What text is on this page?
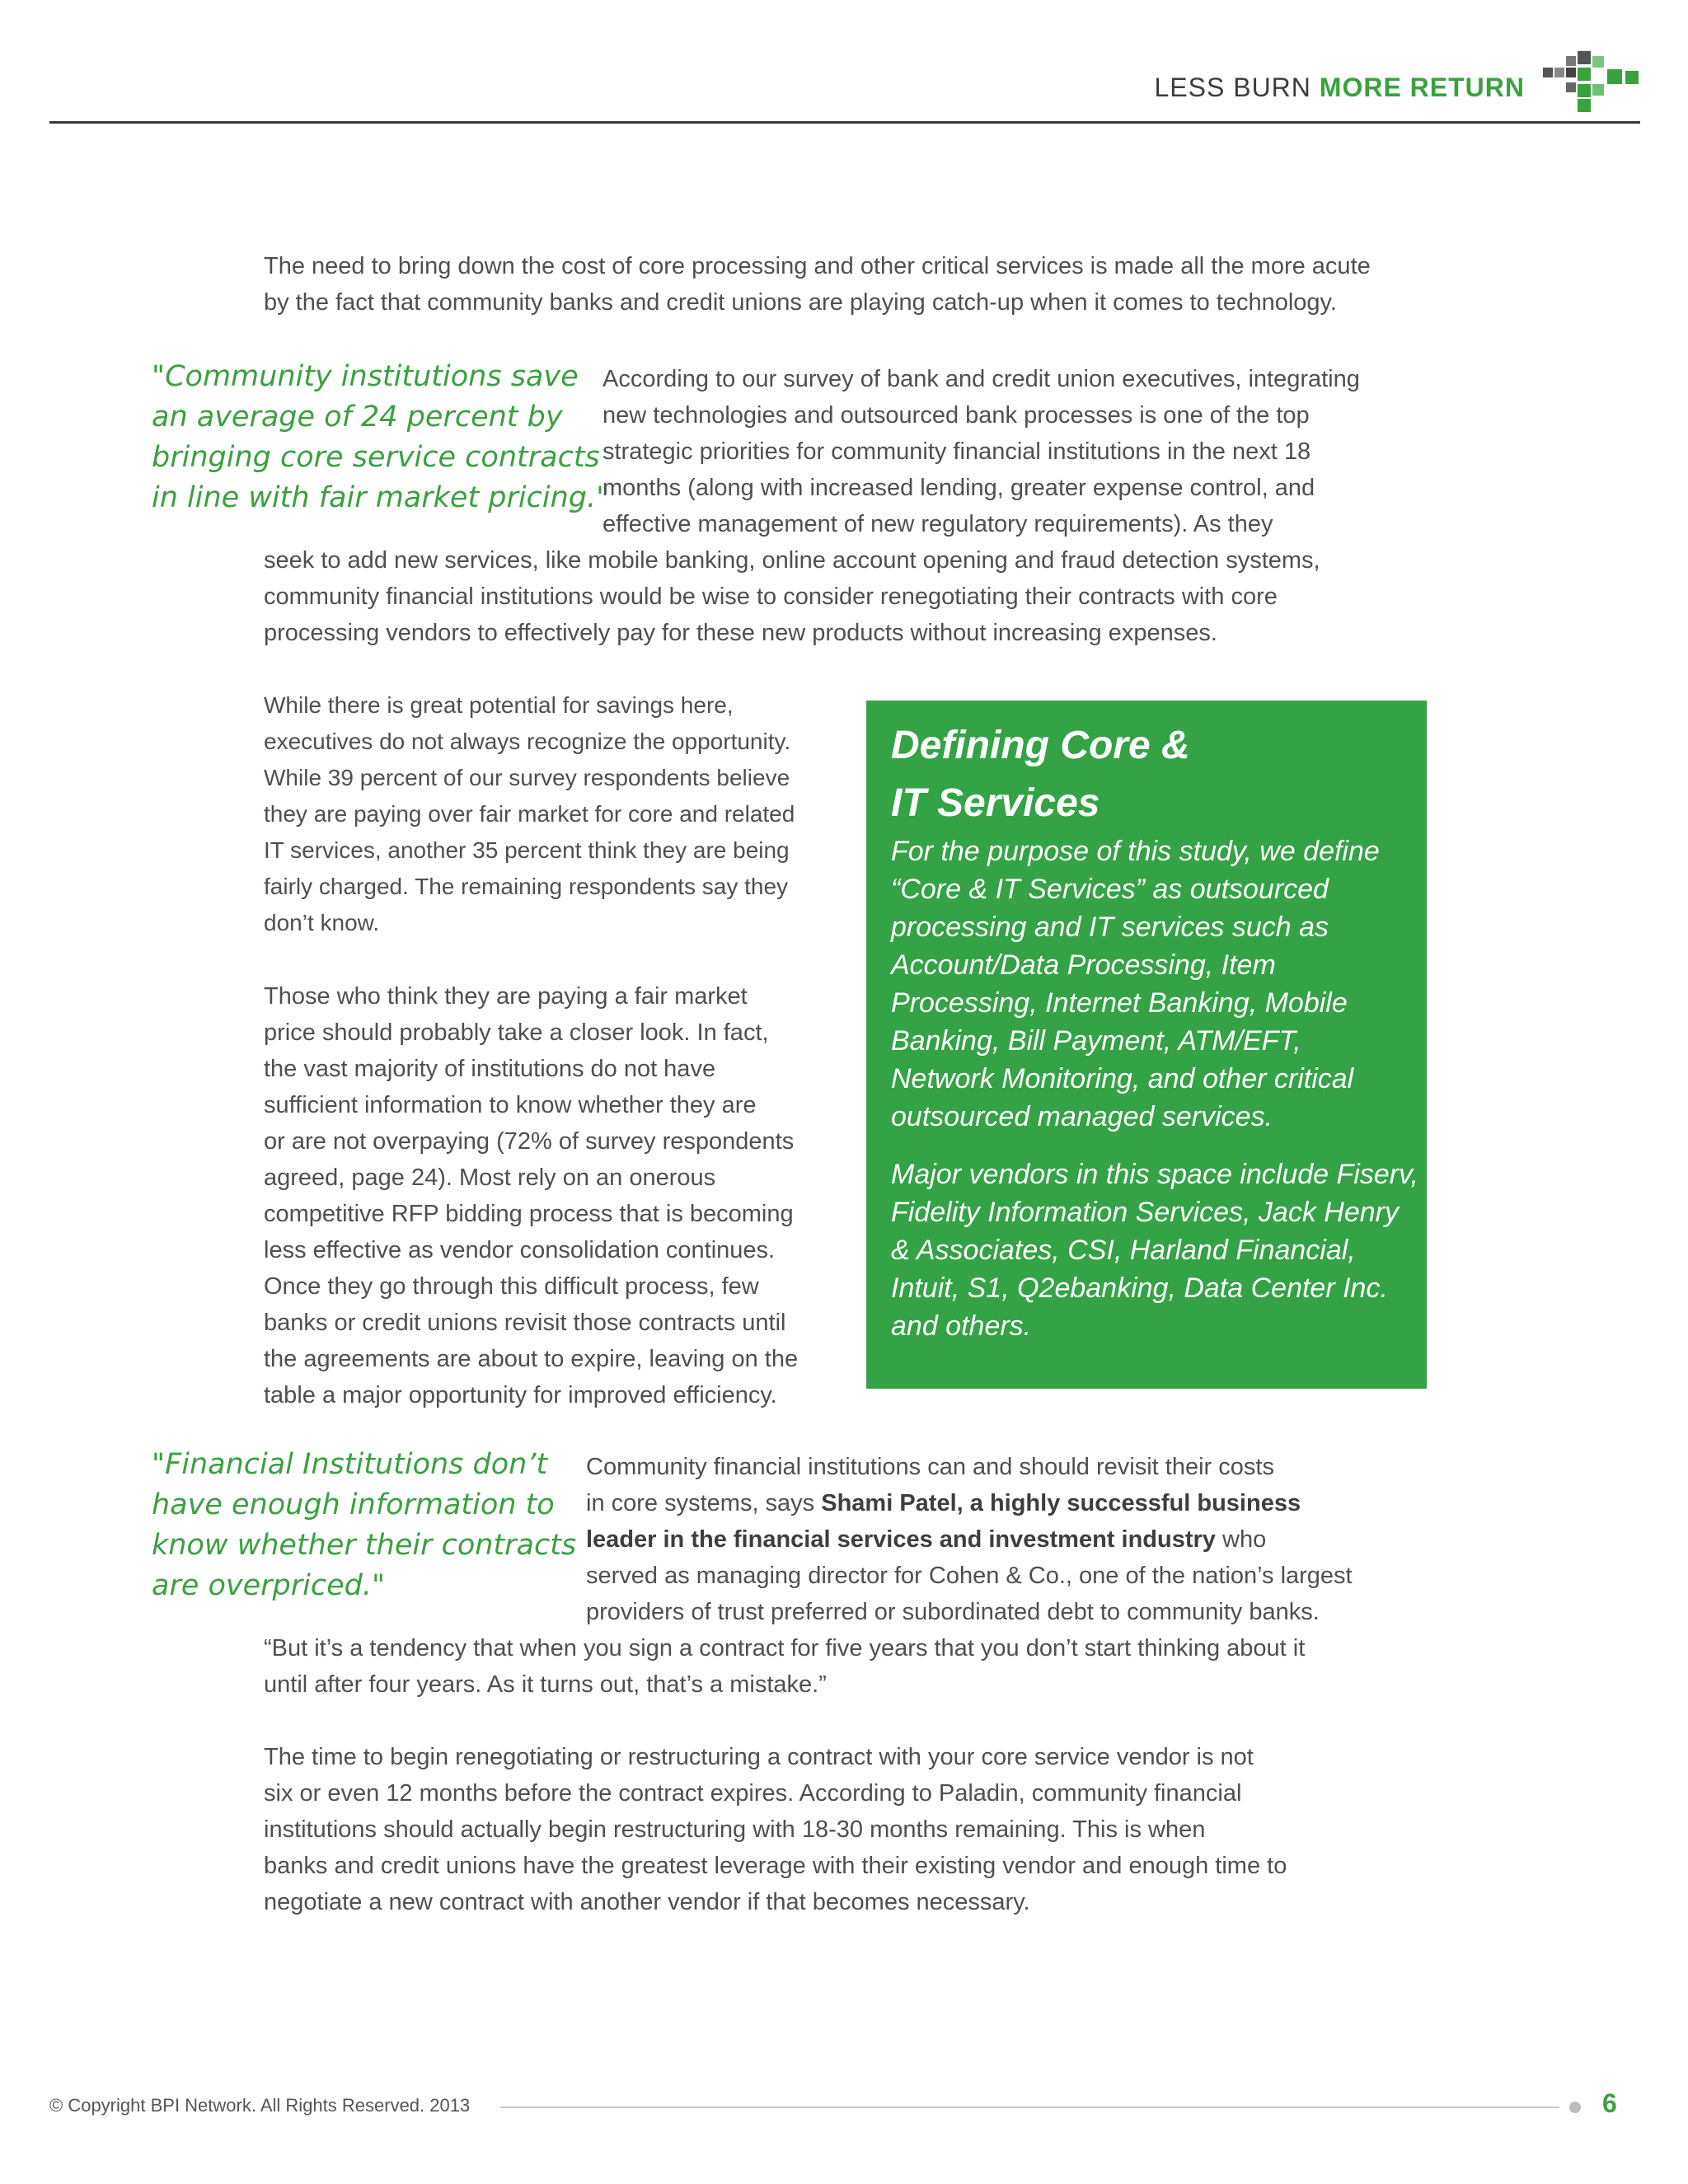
LESS BURN MORE RETURN

The need to bring down the cost of core processing and other critical services is made all the more acute

by the fact that community banks and credit unions are playing catch-up when it comes to technology.

"Community institutions save
an average of 24 percent by
bringing core service contracts
in line with fair market pricing."

According to our survey of bank and credit union executives, integrating

new technologies and outsourced bank processes is one of the top

strategic priorities for community financial institutions in the next 18

months (along with increased lending, greater expense control, and

effective management of new regulatory requirements). As they

seek to add new services, like mobile banking, online account opening and fraud detection systems,

community financial institutions would be wise to consider renegotiating their contracts with core

processing vendors to effectively pay for these new products without increasing expenses.

While there is great potential for savings here,

executives do not always recognize the opportunity.

While 39 percent of our survey respondents believe

they are paying over fair market for core and related

IT services, another 35 percent think they are being

fairly charged. The remaining respondents say they

don’t know.

Those who think they are paying a fair market

price should probably take a closer look. In fact,

the vast majority of institutions do not have

sufficient information to know whether they are

or are not overpaying (72% of survey respondents

agreed, page 24). Most rely on an onerous

competitive RFP bidding process that is becoming

less effective as vendor consolidation continues.

Once they go through this difficult process, few

banks or credit unions revisit those contracts until

the agreements are about to expire, leaving on the

table a major opportunity for improved efficiency.

Defining Core &
IT Services
For the purpose of this study, we define
“Core & IT Services” as outsourced
processing and IT services such as
Account/Data Processing, Item
Processing, Internet Banking, Mobile
Banking, Bill Payment, ATM/EFT,
Network Monitoring, and other critical
outsourced managed services.
Major vendors in this space include Fiserv,
Fidelity Information Services, Jack Henry
& Associates, CSI, Harland Financial,
Intuit, S1, Q2ebanking, Data Center Inc.
and others.
"Financial Institutions don’t
have enough information to
know whether their contracts
are overpriced."

Community financial institutions can and should revisit their costs

in core systems, says Shami Patel, a highly successful business

leader in the financial services and investment industry who

served as managing director for Cohen & Co., one of the nation’s largest

providers of trust preferred or subordinated debt to community banks.

“But it’s a tendency that when you sign a contract for five years that you don’t start thinking about it

until after four years. As it turns out, that’s a mistake.”

The time to begin renegotiating or restructuring a contract with your core service vendor is not

six or even 12 months before the contract expires. According to Paladin, community financial

institutions should actually begin restructuring with 18-30 months remaining. This is when

banks and credit unions have the greatest leverage with their existing vendor and enough time to

negotiate a new contract with another vendor if that becomes necessary.

© Copyright BPI Network. All Rights Reserved. 2013	6
